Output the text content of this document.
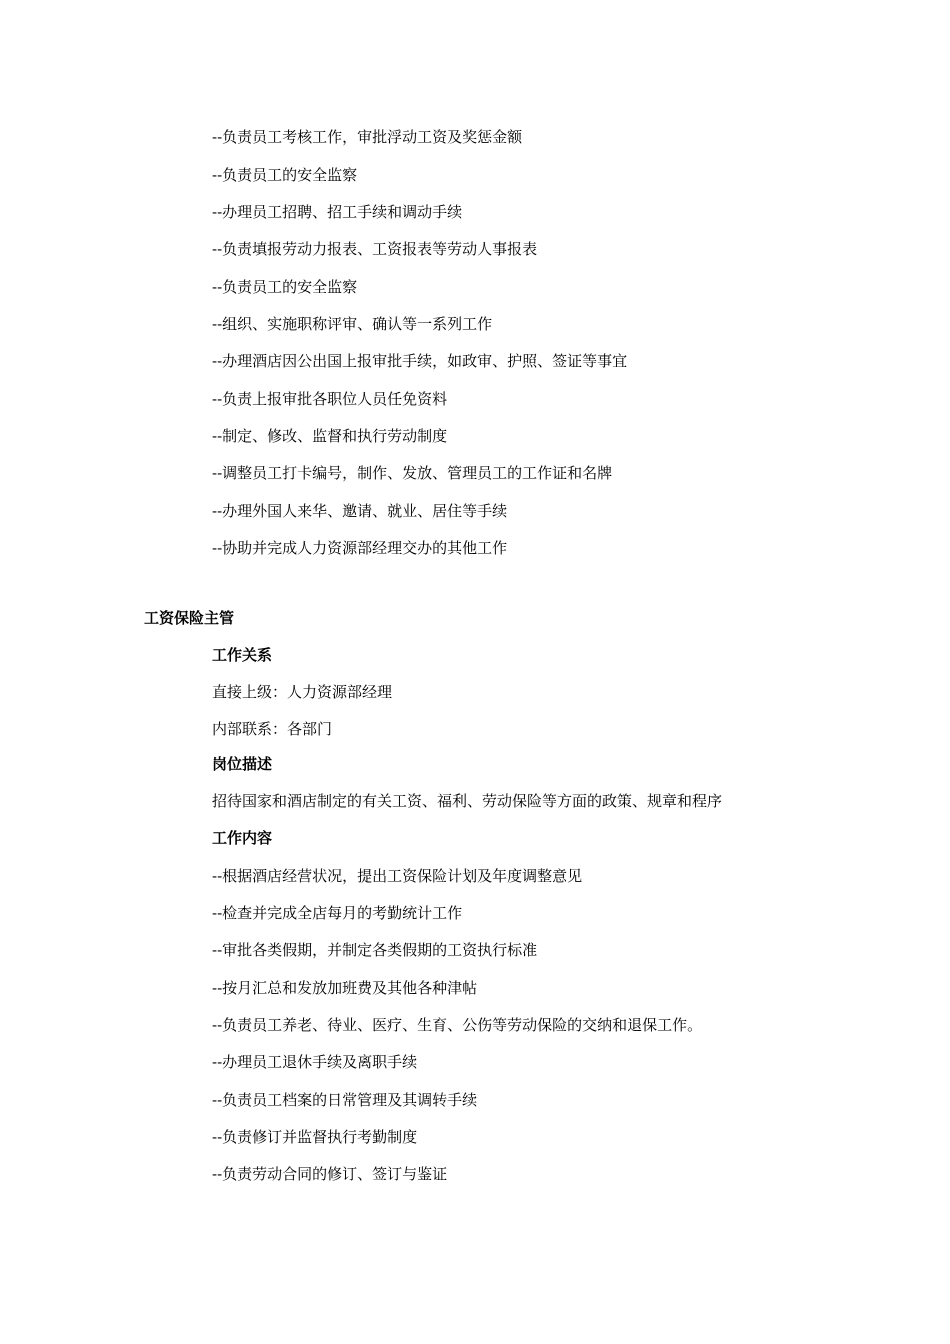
--负责员工考核工作，审批浮动工资及奖惩金额
--负责员工的安全监察
--办理员工招聘、招工手续和调动手续
--负责填报劳动力报表、工资报表等劳动人事报表
--负责员工的安全监察
--组织、实施职称评审、确认等一系列工作
--办理酒店因公出国上报审批手续，如政审、护照、签证等事宜
--负责上报审批各职位人员任免资料
--制定、修改、监督和执行劳动制度
--调整员工打卡编号，制作、发放、管理员工的工作证和名牌
--办理外国人来华、邀请、就业、居住等手续
--协助并完成人力资源部经理交办的其他工作
工资保险主管
工作关系
直接上级：人力资源部经理
内部联系：各部门
岗位描述
招待国家和酒店制定的有关工资、福利、劳动保险等方面的政策、规章和程序
工作内容
--根据酒店经营状况，提出工资保险计划及年度调整意见
--检查并完成全店每月的考勤统计工作
--审批各类假期，并制定各类假期的工资执行标准
--按月汇总和发放加班费及其他各种津帖
--负责员工养老、待业、医疗、生育、公伤等劳动保险的交纳和退保工作。
--办理员工退休手续及离职手续
--负责员工档案的日常管理及其调转手续
--负责修订并监督执行考勤制度
--负责劳动合同的修订、签订与鉴证
